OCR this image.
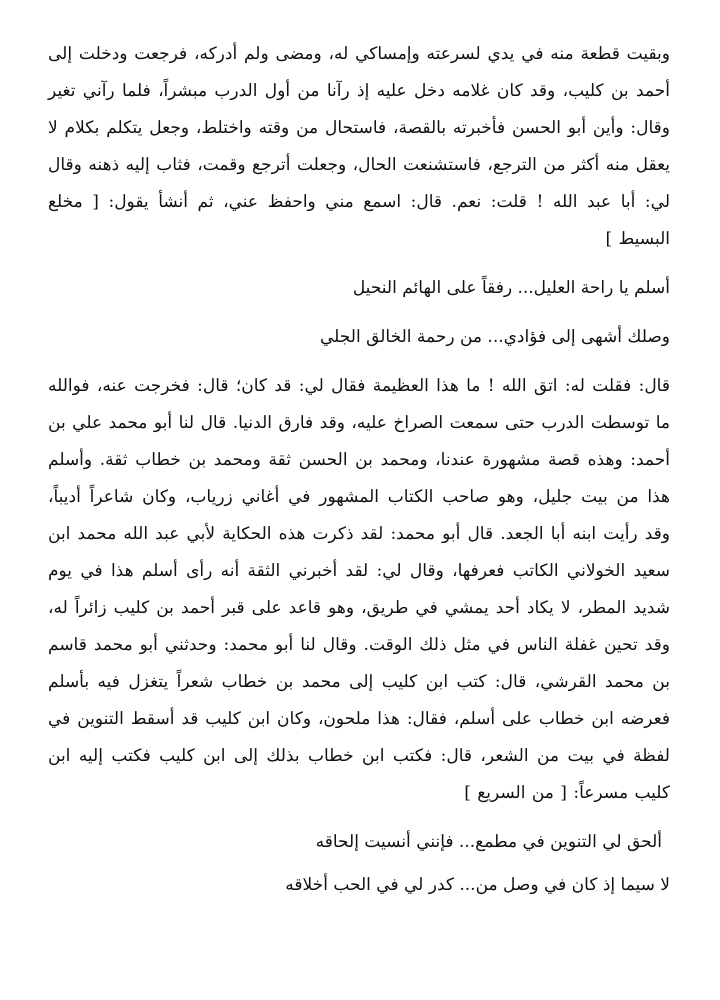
وبقيت قطعة منه في يدي لسرعته وإمساكي له، ومضى ولم أدركه، فرجعت ودخلت إلى أحمد بن كليب، وقد كان غلامه دخل عليه إذ رآنا من أول الدرب مبشراً، فلما رآني تغير وقال: وأين أبو الحسن فأخبرته بالقصة، فاستحال من وقته واختلط، وجعل يتكلم بكلام لا يعقل منه أكثر من الترجع، فاستشنعت الحال، وجعلت أترجع وقمت، فثاب إليه ذهنه وقال لي: أبا عبد الله ! قلت: نعم. قال: اسمع مني واحفظ عني، ثم أنشأ يقول: [ مخلع البسيط ]

أسلم يا راحة العليل... رفقاً على الهائم النحيل

وصلك أشهى إلى فؤادي... من رحمة الخالق الجلي

قال: فقلت له: اتق الله ! ما هذا العظيمة فقال لي: قد كان؛ قال: فخرجت عنه، فوالله ما توسطت الدرب حتى سمعت الصراخ عليه، وقد فارق الدنيا. قال لنا أبو محمد علي بن أحمد: وهذه قصة مشهورة عندنا، ومحمد بن الحسن ثقة ومحمد بن خطاب ثقة. وأسلم هذا من بيت جليل، وهو صاحب الكتاب المشهور في أغاني زرياب، وكان شاعراً أديباً، وقد رأيت ابنه أبا الجعد. قال أبو محمد: لقد ذكرت هذه الحكاية لأبي عبد الله محمد ابن سعيد الخولاني الكاتب فعرفها، وقال لي: لقد أخبرني الثقة أنه رأى أسلم هذا في يوم شديد المطر، لا يكاد أحد يمشي في طريق، وهو قاعد على قبر أحمد بن كليب زائراً له، وقد تحين غفلة الناس في مثل ذلك الوقت. وقال لنا أبو محمد: وحدثني أبو محمد قاسم بن محمد القرشي، قال: كتب ابن كليب إلى محمد بن خطاب شعراً يتغزل فيه بأسلم فعرضه ابن خطاب على أسلم، فقال: هذا ملحون، وكان ابن كليب قد أسقط التنوين في لفظة في بيت من الشعر، قال: فكتب ابن خطاب بذلك إلى ابن كليب فكتب إليه ابن كليب مسرعاً: [ من السريع ]

ألحق لي التنوين في مطمع... فإنني أنسيت إلحاقه

لا سيما إذ كان في وصل من... كدر لي في الحب أخلاقه
